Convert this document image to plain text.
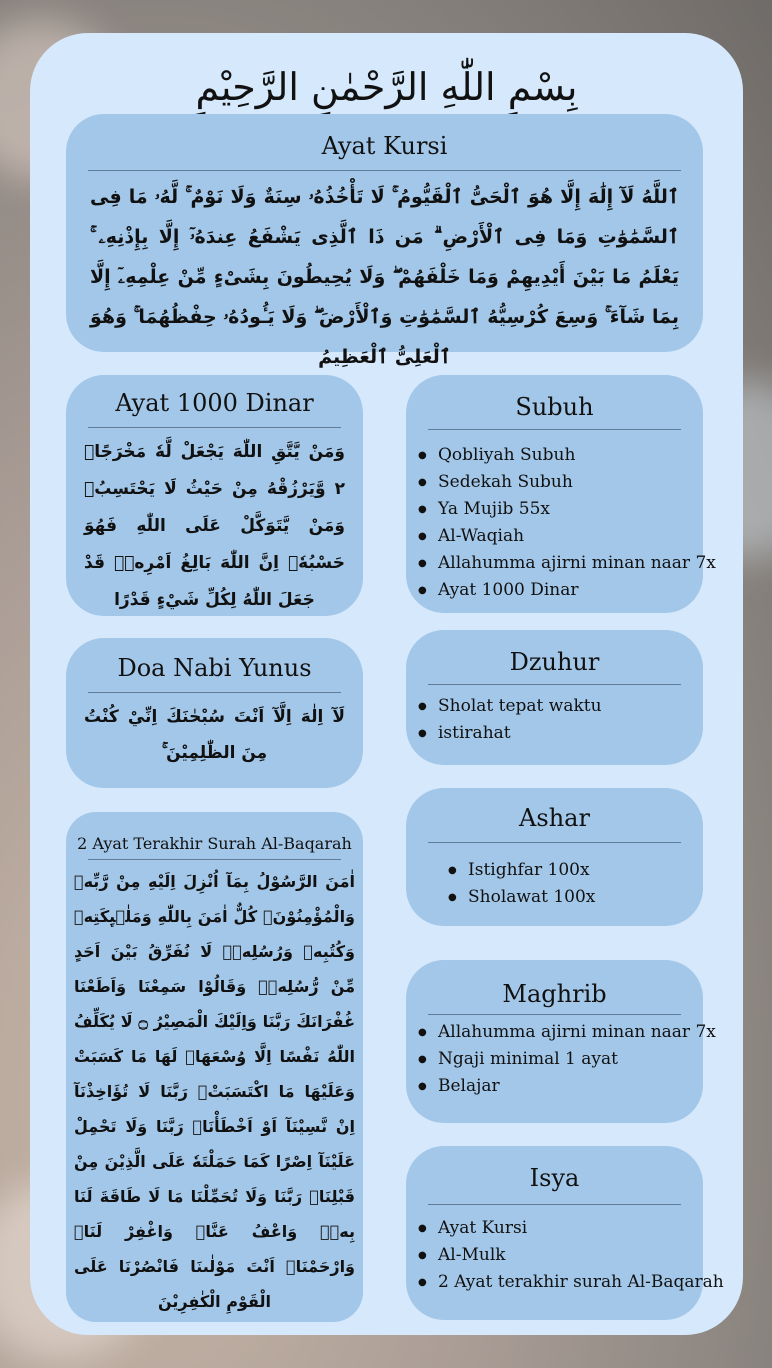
بِسْمِ اللّٰهِ الرَّحْمٰنِ الرَّحِيْمِ
Ayat Kursi
ٱللَّهُ لَآ إِلَٰهَ إِلَّا هُوَ ٱلْحَىُّ ٱلْقَيُّومُ ۚ لَا تَأْخُذُهُۥ سِنَةٌ وَلَا نَوْمٌ ۚ لَّهُۥ مَا فِى ٱلسَّمَٰوَٰتِ وَمَا فِى ٱلْأَرْضِ ۗ مَن ذَا ٱلَّذِى يَشْفَعُ عِندَهُۥٓ إِلَّا بِإِذْنِهِۦ ۚ يَعْلَمُ مَا بَيْنَ أَيْدِيهِمْ وَمَا خَلْفَهُمْ ۖ وَلَا يُحِيطُونَ بِشَىْءٍ مِّنْ عِلْمِهِۦٓ إِلَّا بِمَا شَآءَ ۚ وَسِعَ كُرْسِيُّهُ ٱلسَّمَٰوَٰتِ وَٱلْأَرْضَ ۖ وَلَا يَـُٔودُهُۥ حِفْظُهُمَا ۚ وَهُوَ ٱلْعَلِىُّ ٱلْعَظِيمُ
Ayat 1000 Dinar
وَمَنْ يَّتَّقِ اللّٰهَ يَجْعَلْ لَّهٗ مَخْرَجًاۙ ٢ وَّيَرْزُقْهُ مِنْ حَيْثُ لَا يَحْتَسِبُۗ وَمَنْ يَّتَوَكَّلْ عَلَى اللّٰهِ فَهُوَ حَسْبُهٗۗ اِنَّ اللّٰهَ بَالِغُ اَمْرِهٖۗ قَدْ جَعَلَ اللّٰهُ لِكُلِّ شَيْءٍ قَدْرًا
Subuh
● Qobliyah Subuh
● Sedekah Subuh
● Ya Mujib 55x
● Al-Waqiah
● Allahumma ajirni minan naar 7x
● Ayat 1000 Dinar
Doa Nabi Yunus
لَآ اِلٰهَ اِلَّآ اَنْتَ سُبْحٰنَكَ اِنِّيْ كُنْتُ مِنَ الظّٰلِمِيْنَ ۚ
Dzuhur
● Sholat tepat waktu
● istirahat
2 Ayat Terakhir Surah Al-Baqarah
اٰمَنَ الرَّسُوْلُ بِمَآ اُنْزِلَ اِلَيْهِ مِنْ رَّبِّهٖ وَالْمُؤْمِنُوْنَۗ كُلٌّ اٰمَنَ بِاللّٰهِ وَمَلٰۤىِٕكَتِهٖ وَكُتُبِهٖ وَرُسُلِهٖۗ لَا نُفَرِّقُ بَيْنَ اَحَدٍ مِّنْ رُّسُلِهٖۗ وَقَالُوْا سَمِعْنَا وَاَطَعْنَا غُفْرَانَكَ رَبَّنَا وَاِلَيْكَ الْمَصِيْرُ ۝ لَا يُكَلِّفُ اللّٰهُ نَفْسًا اِلَّا وُسْعَهَاۗ لَهَا مَا كَسَبَتْ وَعَلَيْهَا مَا اكْتَسَبَتْۗ رَبَّنَا لَا تُؤَاخِذْنَآ اِنْ نَّسِيْنَآ اَوْ اَخْطَأْنَاۚ رَبَّنَا وَلَا تَحْمِلْ عَلَيْنَآ اِصْرًا كَمَا حَمَلْتَهٗ عَلَى الَّذِيْنَ مِنْ قَبْلِنَاۚ رَبَّنَا وَلَا تُحَمِّلْنَا مَا لَا طَاقَةَ لَنَا بِهٖۚ وَاعْفُ عَنَّاۗ وَاغْفِرْ لَنَاۗ وَارْحَمْنَاۗ اَنْتَ مَوْلٰىنَا فَانْصُرْنَا عَلَى الْقَوْمِ الْكٰفِرِيْنَ
Ashar
● Istighfar 100x
● Sholawat 100x
Maghrib
● Allahumma ajirni minan naar 7x
● Ngaji minimal 1 ayat
● Belajar
Isya
● Ayat Kursi
● Al-Mulk
● 2 Ayat terakhir surah Al-Baqarah
